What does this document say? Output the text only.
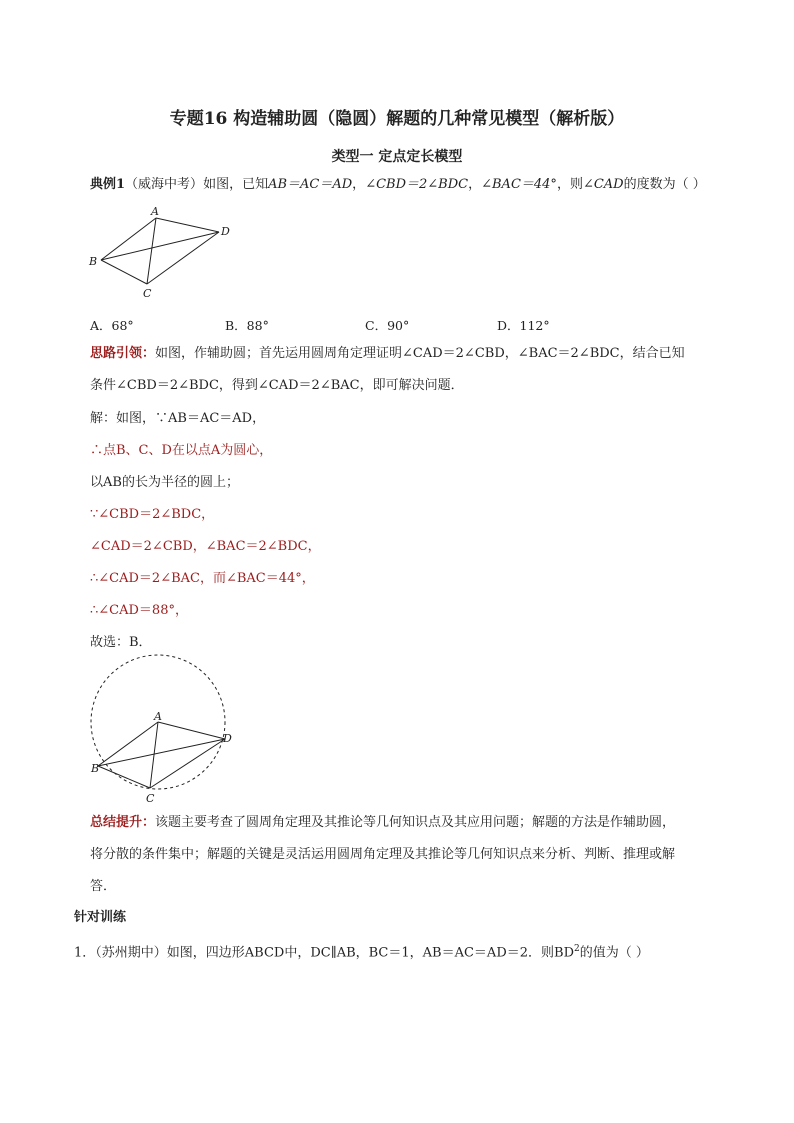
专题16 构造辅助圆（隐圆）解题的几种常见模型（解析版）
类型一 定点定长模型
典例1（威海中考）如图，已知AB＝AC＝AD，∠CBD＝2∠BDC，∠BAC＝44°，则∠CAD的度数为（ ）
A
D
B
C
A．68°	B．88°	C．90°	D．112°
思路引领：如图，作辅助圆；首先运用圆周角定理证明∠CAD＝2∠CBD，∠BAC＝2∠BDC，结合已知
条件∠CBD＝2∠BDC，得到∠CAD＝2∠BAC，即可解决问题．
解：如图，∵AB＝AC＝AD，
∴点B、C、D在以点A为圆心，
以AB的长为半径的圆上；
∵∠CBD＝2∠BDC，
∠CAD＝2∠CBD，∠BAC＝2∠BDC，
∴∠CAD＝2∠BAC，而∠BAC＝44°，
∴∠CAD＝88°，
故选：B．
A
D
B
C
总结提升：该题主要考查了圆周角定理及其推论等几何知识点及其应用问题；解题的方法是作辅助圆，
将分散的条件集中；解题的关键是灵活运用圆周角定理及其推论等几何知识点来分析、判断、推理或解
答．
针对训练
1．（苏州期中）如图，四边形ABCD中，DC∥AB，BC＝1，AB＝AC＝AD＝2．则$BD^2$的值为（ ）
